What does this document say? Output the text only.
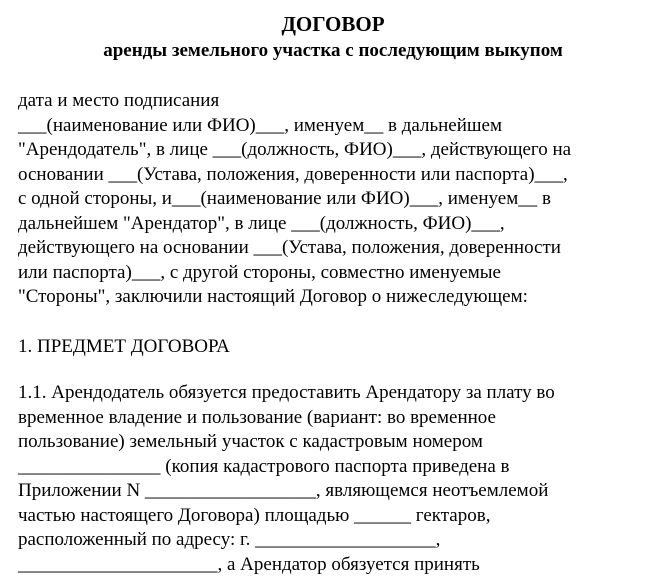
ДОГОВОР
аренды земельного участка с последующим выкупом
дата и место подписания
___(наименование или ФИО)___, именуем__ в дальнейшем
"Арендодатель", в лице ___(должность, ФИО)___, действующего на
основании ___(Устава, положения, доверенности или паспорта)___,
с одной стороны, и___(наименование или ФИО)___, именуем__ в
дальнейшем "Арендатор", в лице ___(должность, ФИО)___,
действующего на основании ___(Устава, положения, доверенности
или паспорта)___, с другой стороны, совместно именуемые
"Стороны", заключили настоящий Договор о нижеследующем:
1. ПРЕДМЕТ ДОГОВОРА
1.1. Арендодатель обязуется предоставить Арендатору за плату во
временное владение и пользование (вариант: во временное
пользование) земельный участок с кадастровым номером
_______________ (копия кадастрового паспорта приведена в
Приложении N __________________, являющемся неотъемлемой
частью настоящего Договора) площадью ______ гектаров,
расположенный по адресу: г. ___________________,
_____________________, а Арендатор обязуется принять
